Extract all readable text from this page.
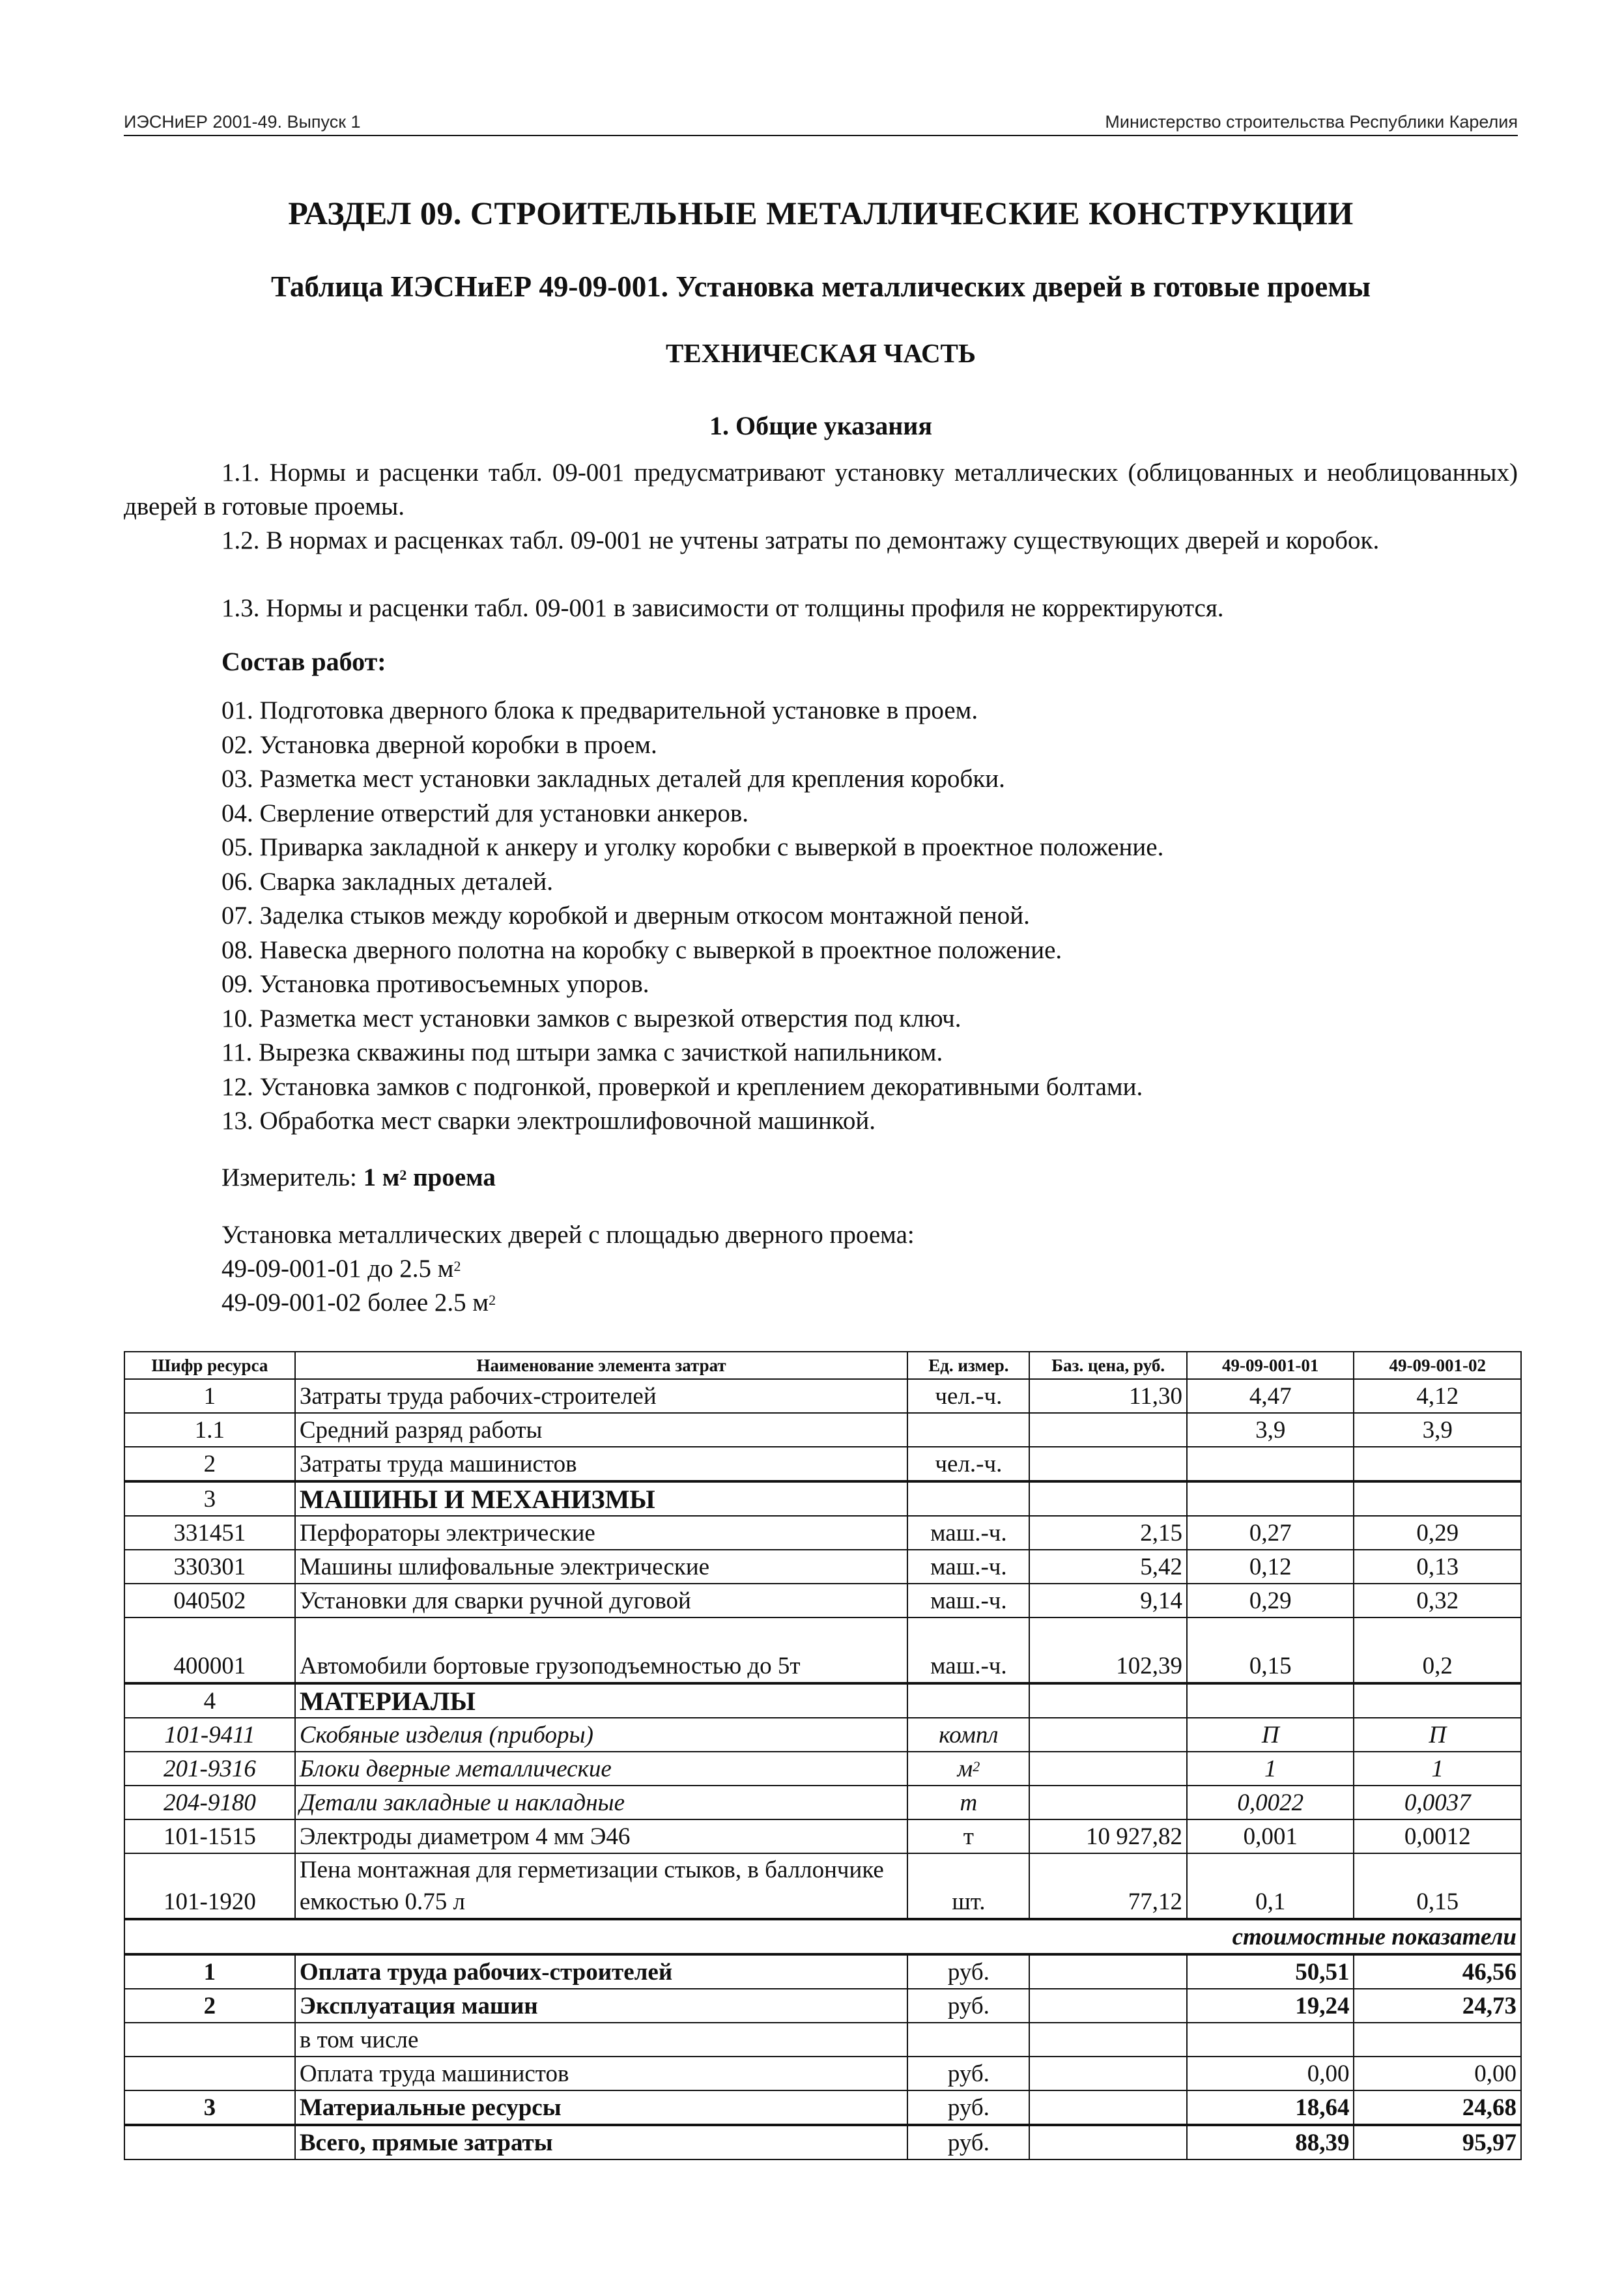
ИЭСНиЕР 2001-49. Выпуск 1	Министерство строительства Республики Карелия
РАЗДЕЛ 09. СТРОИТЕЛЬНЫЕ МЕТАЛЛИЧЕСКИЕ КОНСТРУКЦИИ
Таблица ИЭСНиЕР 49-09-001. Установка металлических дверей в готовые проемы
ТЕХНИЧЕСКАЯ ЧАСТЬ
1. Общие указания
1.1. Нормы и расценки табл. 09-001 предусматривают установку металлических (облицованных и необлицованных) дверей в готовые проемы.
1.2. В нормах и расценках табл. 09-001 не учтены затраты по демонтажу существующих дверей и коробок.
1.3. Нормы и расценки табл. 09-001 в зависимости от толщины профиля не корректируются.
Состав работ:
01. Подготовка дверного блока к предварительной установке в проем.
02. Установка дверной коробки в проем.
03. Разметка мест установки закладных деталей для крепления коробки.
04. Сверление отверстий для установки анкеров.
05. Приварка закладной к анкеру и уголку коробки с выверкой в проектное положение.
06. Сварка закладных деталей.
07. Заделка стыков между коробкой и дверным откосом монтажной пеной.
08. Навеска дверного полотна на коробку с выверкой в проектное положение.
09. Установка противосъемных упоров.
10. Разметка мест установки замков с вырезкой отверстия под ключ.
11. Вырезка скважины под штыри замка с зачисткой напильником.
12. Установка замков с подгонкой, проверкой и креплением декоративными болтами.
13. Обработка мест сварки электрошлифовочной машинкой.
Измеритель: 1 $м^2$ проема
Установка металлических дверей с площадью дверного проема:
49-09-001-01 до 2.5 $м^2$
49-09-001-02 более 2.5 $м^2$
Шифр ресурса	Наименование элемента затрат	Ед. измер.	Баз. цена, руб.	49-09-001-01	49-09-001-02
1	Затраты труда рабочих-строителей	чел.-ч.	11,30	4,47	4,12
1.1	Средний разряд работы			3,9	3,9
2	Затраты труда машинистов	чел.-ч.			
3	МАШИНЫ И МЕХАНИЗМЫ				
331451	Перфораторы электрические	маш.-ч.	2,15	0,27	0,29
330301	Машины шлифовальные электрические	маш.-ч.	5,42	0,12	0,13
040502	Установки для сварки ручной дуговой	маш.-ч.	9,14	0,29	0,32
400001	Автомобили бортовые грузоподъемностью до 5т	маш.-ч.	102,39	0,15	0,2
4	МАТЕРИАЛЫ				
101-9411	Скобяные изделия (приборы)	компл		П	П
201-9316	Блоки дверные металлические	$м^2$		1	1
204-9180	Детали закладные и накладные	т		0,0022	0,0037
101-1515	Электроды диаметром 4 мм Э46	т	10 927,82	0,001	0,0012
101-1920	Пена монтажная для герметизации стыков, в баллончике емкостью 0.75 л	шт.	77,12	0,1	0,15
стоимостные показатели					
1	Оплата труда рабочих-строителей	руб.		50,51	46,56
2	Эксплуатация машин	руб.		19,24	24,73
	в том числе				
	Оплата труда машинистов	руб.		0,00	0,00
3	Материальные ресурсы	руб.		18,64	24,68
	Всего, прямые затраты	руб.		88,39	95,97
